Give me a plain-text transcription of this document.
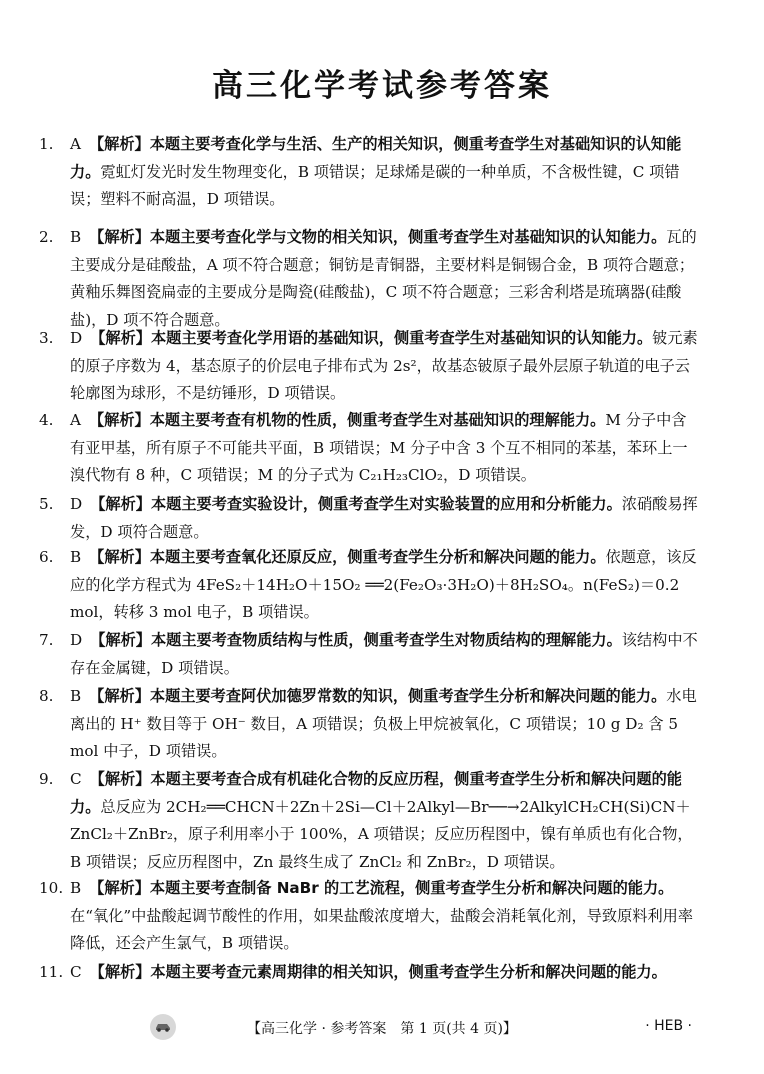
高三化学考试参考答案
1. A 【解析】本题主要考查化学与生活、生产的相关知识，侧重考查学生对基础知识的认知能力。霓虹灯发光时发生物理变化，B 项错误；足球烯是碳的一种单质，不含极性键，C 项错误；塑料不耐高温，D 项错误。
2. B 【解析】本题主要考查化学与文物的相关知识，侧重考查学生对基础知识的认知能力。瓦的主要成分是硅酸盐，A 项不符合题意；铜钫是青铜器，主要材料是铜锡合金，B 项符合题意；黄釉乐舞图瓷扁壶的主要成分是陶瓷(硅酸盐)，C 项不符合题意；三彩舍利塔是琉璃器(硅酸盐)，D 项不符合题意。
3. D 【解析】本题主要考查化学用语的基础知识，侧重考查学生对基础知识的认知能力。铍元素的原子序数为 4，基态原子的价层电子排布式为 2s²，故基态铍原子最外层原子轨道的电子云轮廓图为球形，不是纺锤形，D 项错误。
4. A 【解析】本题主要考查有机物的性质，侧重考查学生对基础知识的理解能力。M 分子中含有亚甲基，所有原子不可能共平面，B 项错误；M 分子中含 3 个互不相同的苯基，苯环上一溴代物有 8 种，C 项错误；M 的分子式为 C₂₁H₂₃ClO₂，D 项错误。
5. D 【解析】本题主要考查实验设计，侧重考查学生对实验装置的应用和分析能力。浓硝酸易挥发，D 项符合题意。
6. B 【解析】本题主要考查氧化还原反应，侧重考查学生分析和解决问题的能力。依题意，该反应的化学方程式为 4FeS₂＋14H₂O＋15O₂ ══2(Fe₂O₃·3H₂O)＋8H₂SO₄。n(FeS₂)＝0.2 mol，转移 3 mol 电子，B 项错误。
7. D 【解析】本题主要考查物质结构与性质，侧重考查学生对物质结构的理解能力。该结构中不存在金属键，D 项错误。
8. B 【解析】本题主要考查阿伏加德罗常数的知识，侧重考查学生分析和解决问题的能力。水电离出的 H⁺ 数目等于 OH⁻ 数目，A 项错误；负极上甲烷被氧化，C 项错误；10 g D₂ 含 5 mol 中子，D 项错误。
9. C 【解析】本题主要考查合成有机硅化合物的反应历程，侧重考查学生分析和解决问题的能力。总反应为 2CH₂══CHCN＋2Zn＋2Si—Cl＋2Alkyl—Br──→2AlkylCH₂CH(Si)CN＋ZnCl₂＋ZnBr₂，原子利用率小于 100%，A 项错误；反应历程图中，镍有单质也有化合物，B 项错误；反应历程图中，Zn 最终生成了 ZnCl₂ 和 ZnBr₂，D 项错误。
10. B 【解析】本题主要考查制备 NaBr 的工艺流程，侧重考查学生分析和解决问题的能力。在“氧化”中盐酸起调节酸性的作用，如果盐酸浓度增大，盐酸会消耗氧化剂，导致原料利用率降低，还会产生氯气，B 项错误。
11. C 【解析】本题主要考查元素周期律的相关知识，侧重考查学生分析和解决问题的能力。
【高三化学 · 参考答案　第 1 页(共 4 页)】	· HEB ·
